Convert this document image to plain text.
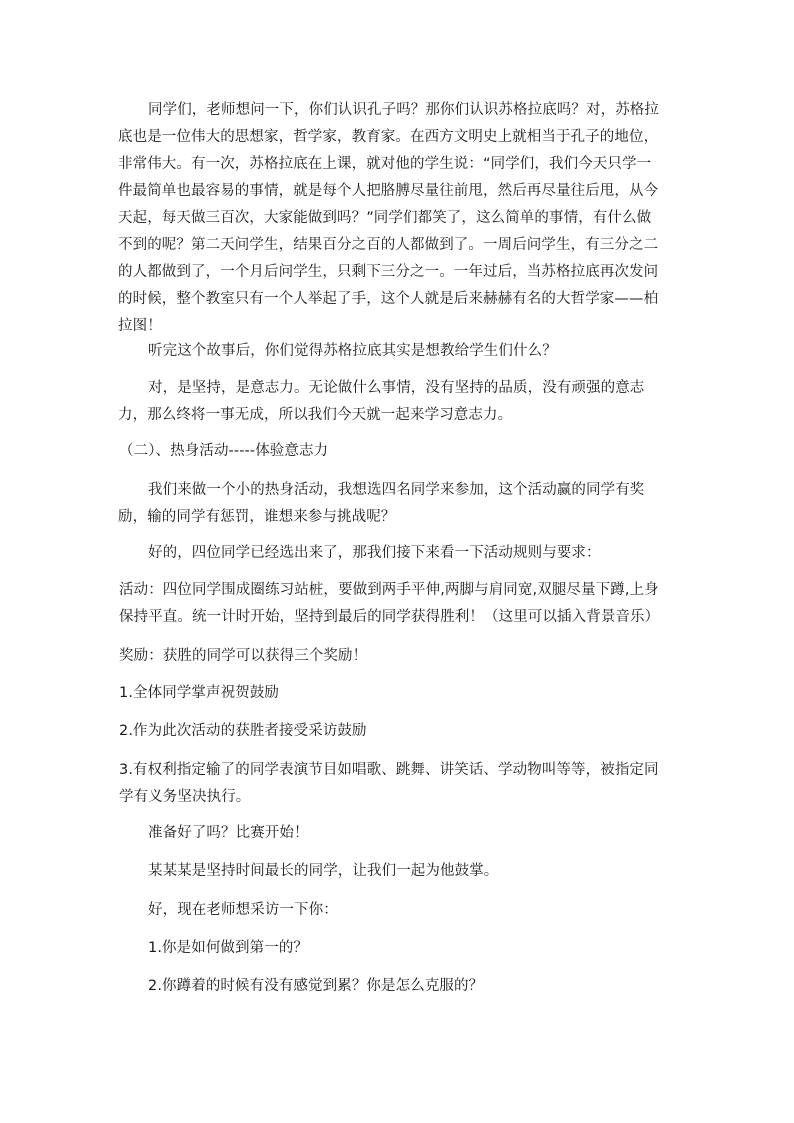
同学们，老师想问一下，你们认识孔子吗？那你们认识苏格拉底吗？对，苏格拉

底也是一位伟大的思想家，哲学家，教育家。在西方文明史上就相当于孔子的地位，

非常伟大。有一次，苏格拉底在上课，就对他的学生说：“同学们，我们今天只学一

件最简单也最容易的事情，就是每个人把胳膊尽量往前甩，然后再尽量往后甩，从今

天起，每天做三百次，大家能做到吗？”同学们都笑了，这么简单的事情，有什么做

不到的呢？第二天问学生，结果百分之百的人都做到了。一周后问学生，有三分之二

的人都做到了，一个月后问学生，只剩下三分之一。一年过后，当苏格拉底再次发问

的时候，整个教室只有一个人举起了手，这个人就是后来赫赫有名的大哲学家——柏

拉图！

听完这个故事后，你们觉得苏格拉底其实是想教给学生们什么？

对，是坚持，是意志力。无论做什么事情，没有坚持的品质，没有顽强的意志

力，那么终将一事无成，所以我们今天就一起来学习意志力。

（二）、热身活动-----体验意志力

我们来做一个小的热身活动，我想选四名同学来参加，这个活动赢的同学有奖

励，输的同学有惩罚，谁想来参与挑战呢？

好的，四位同学已经选出来了，那我们接下来看一下活动规则与要求：

活动：四位同学围成圈练习站桩，要做到两手平伸,两脚与肩同宽,双腿尽量下蹲,上身

保持平直。统一计时开始，坚持到最后的同学获得胜利！（这里可以插入背景音乐）

奖励：获胜的同学可以获得三个奖励！

1.全体同学掌声祝贺鼓励

2.作为此次活动的获胜者接受采访鼓励

3.有权利指定输了的同学表演节目如唱歌、跳舞、讲笑话、学动物叫等等，被指定同

学有义务坚决执行。

准备好了吗？比赛开始！

某某某是坚持时间最长的同学，让我们一起为他鼓掌。

好，现在老师想采访一下你：

1.你是如何做到第一的？

2.你蹲着的时候有没有感觉到累？你是怎么克服的？
